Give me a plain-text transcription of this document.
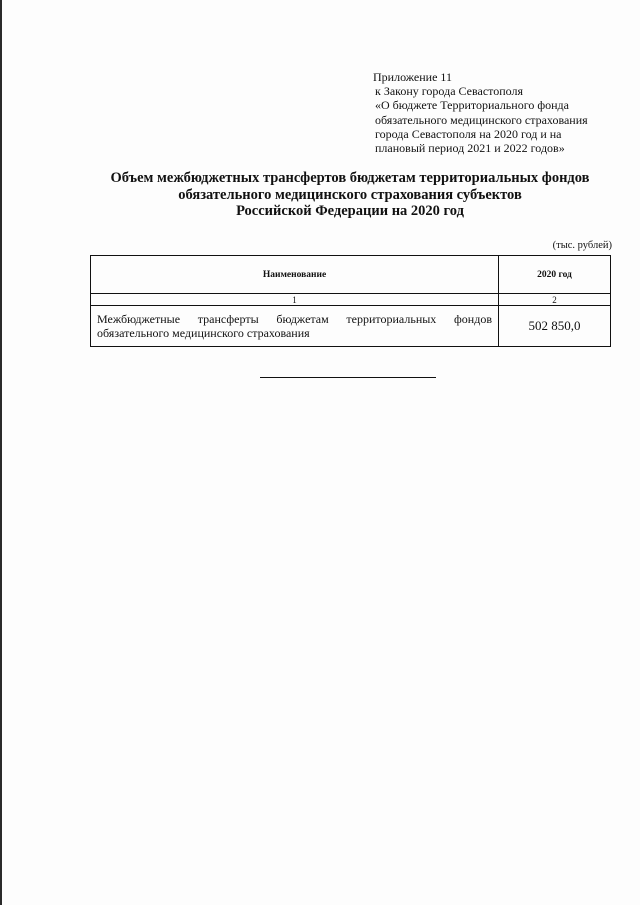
Приложение 11
к Закону города Севастополя
«О бюджете Территориального фонда
обязательного медицинского страхования
города Севастополя на 2020 год и на
плановый период 2021 и 2022 годов»
Объем межбюджетных трансфертов бюджетам территориальных фондов
обязательного медицинского страхования субъектов
Российской Федерации на 2020 год
(тыс. рублей)
Наименование	2020 год
1	2
Межбюджетные трансферты бюджетам территориальных фондов обязательного медицинского страхования	502 850,0
